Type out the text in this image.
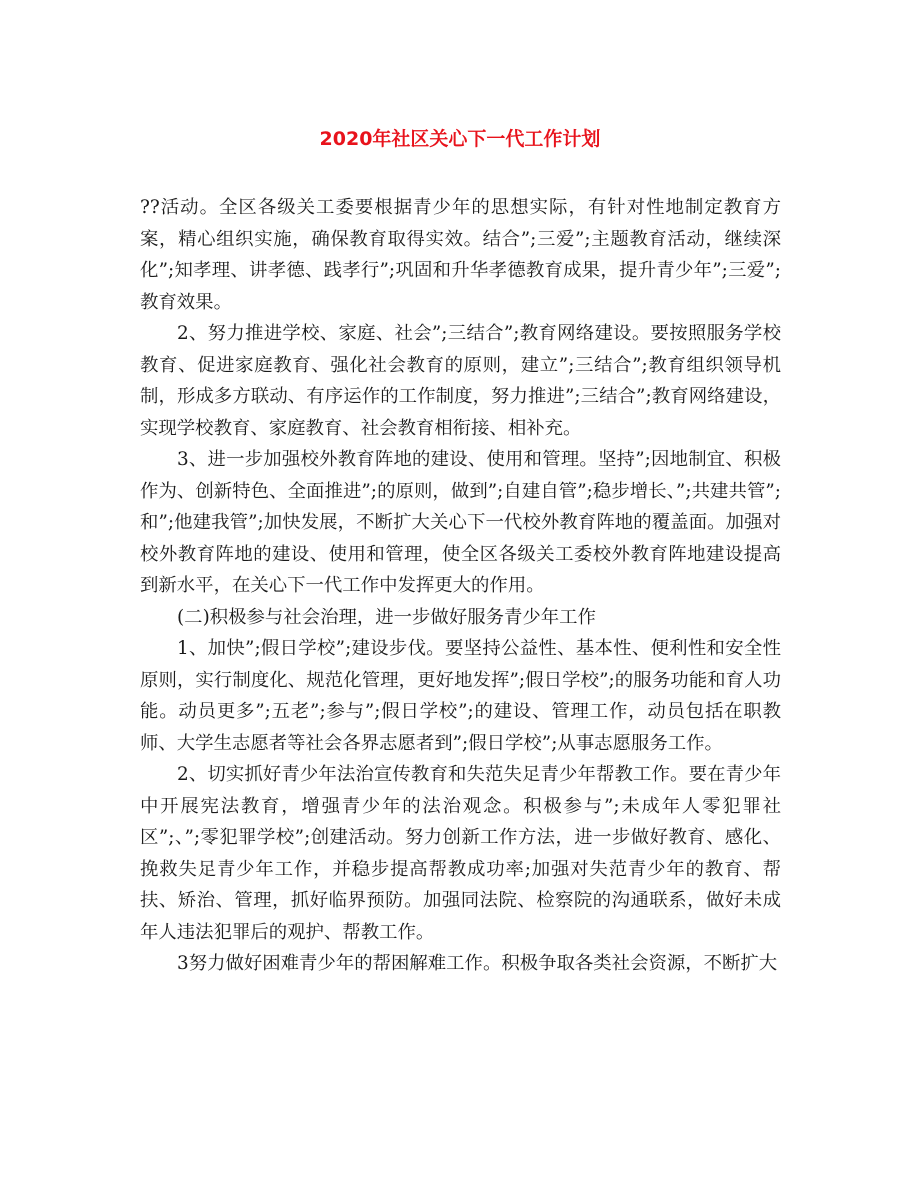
2020年社区关心下一代工作计划

??活动。全区各级关工委要根据青少年的思想实际，有针对性地制定教育方案，精心组织实施，确保教育取得实效。结合”;三爱”;主题教育活动，继续深化”;知孝理、讲孝德、践孝行”;巩固和升华孝德教育成果，提升青少年”;三爱”;教育效果。

2、努力推进学校、家庭、社会”;三结合”;教育网络建设。要按照服务学校教育、促进家庭教育、强化社会教育的原则，建立”;三结合”;教育组织领导机制，形成多方联动、有序运作的工作制度，努力推进”;三结合”;教育网络建设，实现学校教育、家庭教育、社会教育相衔接、相补充。

3、进一步加强校外教育阵地的建设、使用和管理。坚持”;因地制宜、积极作为、创新特色、全面推进”;的原则，做到”;自建自管”;稳步增长、”;共建共管”;和”;他建我管”;加快发展，不断扩大关心下一代校外教育阵地的覆盖面。加强对校外教育阵地的建设、使用和管理，使全区各级关工委校外教育阵地建设提高到新水平，在关心下一代工作中发挥更大的作用。

(二)积极参与社会治理，进一步做好服务青少年工作

1、加快”;假日学校”;建设步伐。要坚持公益性、基本性、便利性和安全性原则，实行制度化、规范化管理，更好地发挥”;假日学校”;的服务功能和育人功能。动员更多”;五老”;参与”;假日学校”;的建设、管理工作，动员包括在职教师、大学生志愿者等社会各界志愿者到”;假日学校”;从事志愿服务工作。

2、切实抓好青少年法治宣传教育和失范失足青少年帮教工作。要在青少年中开展宪法教育，增强青少年的法治观念。积极参与”;未成年人零犯罪社区”;、”;零犯罪学校”;创建活动。努力创新工作方法，进一步做好教育、感化、挽救失足青少年工作，并稳步提高帮教成功率;加强对失范青少年的教育、帮扶、矫治、管理，抓好临界预防。加强同法院、检察院的沟通联系，做好未成年人违法犯罪后的观护、帮教工作。

3努力做好困难青少年的帮困解难工作。积极争取各类社会资源，不断扩大
